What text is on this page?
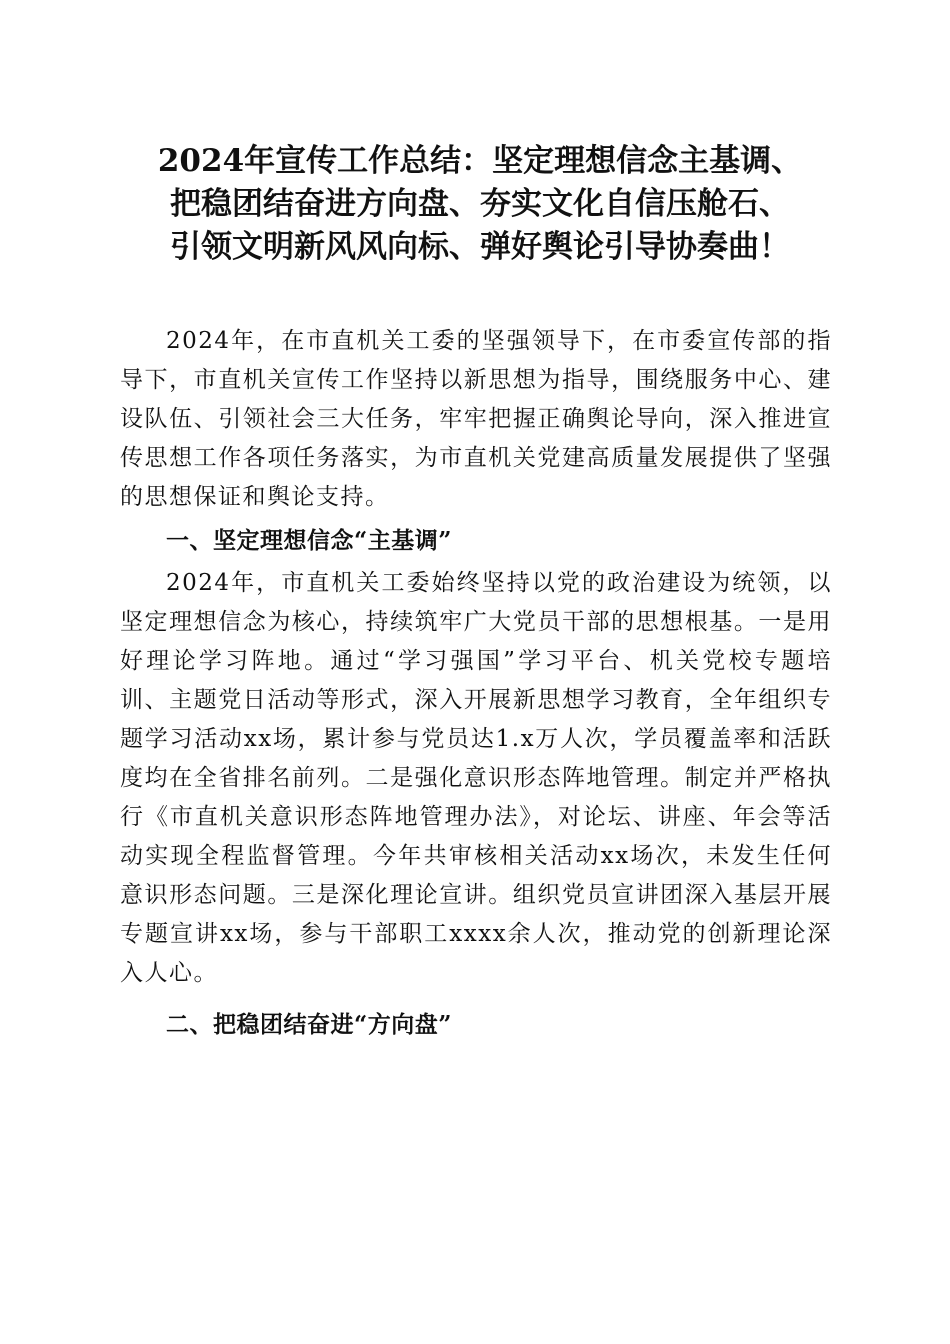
2024年宣传工作总结：坚定理想信念主基调、
把稳团结奋进方向盘、夯实文化自信压舱石、
引领文明新风风向标、弹好舆论引导协奏曲！

2024年，在市直机关工委的坚强领导下，在市委宣传部的指导下，市直机关宣传工作坚持以新思想为指导，围绕服务中心、建设队伍、引领社会三大任务，牢牢把握正确舆论导向，深入推进宣传思想工作各项任务落实，为市直机关党建高质量发展提供了坚强的思想保证和舆论支持。

一、坚定理想信念“主基调”

2024年，市直机关工委始终坚持以党的政治建设为统领，以坚定理想信念为核心，持续筑牢广大党员干部的思想根基。一是用好理论学习阵地。通过“学习强国”学习平台、机关党校专题培训、主题党日活动等形式，深入开展新思想学习教育，全年组织专题学习活动xx场，累计参与党员达1.x万人次，学员覆盖率和活跃度均在全省排名前列。二是强化意识形态阵地管理。制定并严格执行《市直机关意识形态阵地管理办法》，对论坛、讲座、年会等活动实现全程监督管理。今年共审核相关活动xx场次，未发生任何意识形态问题。三是深化理论宣讲。组织党员宣讲团深入基层开展专题宣讲xx场，参与干部职工xxxx余人次，推动党的创新理论深入人心。

二、把稳团结奋进“方向盘”
